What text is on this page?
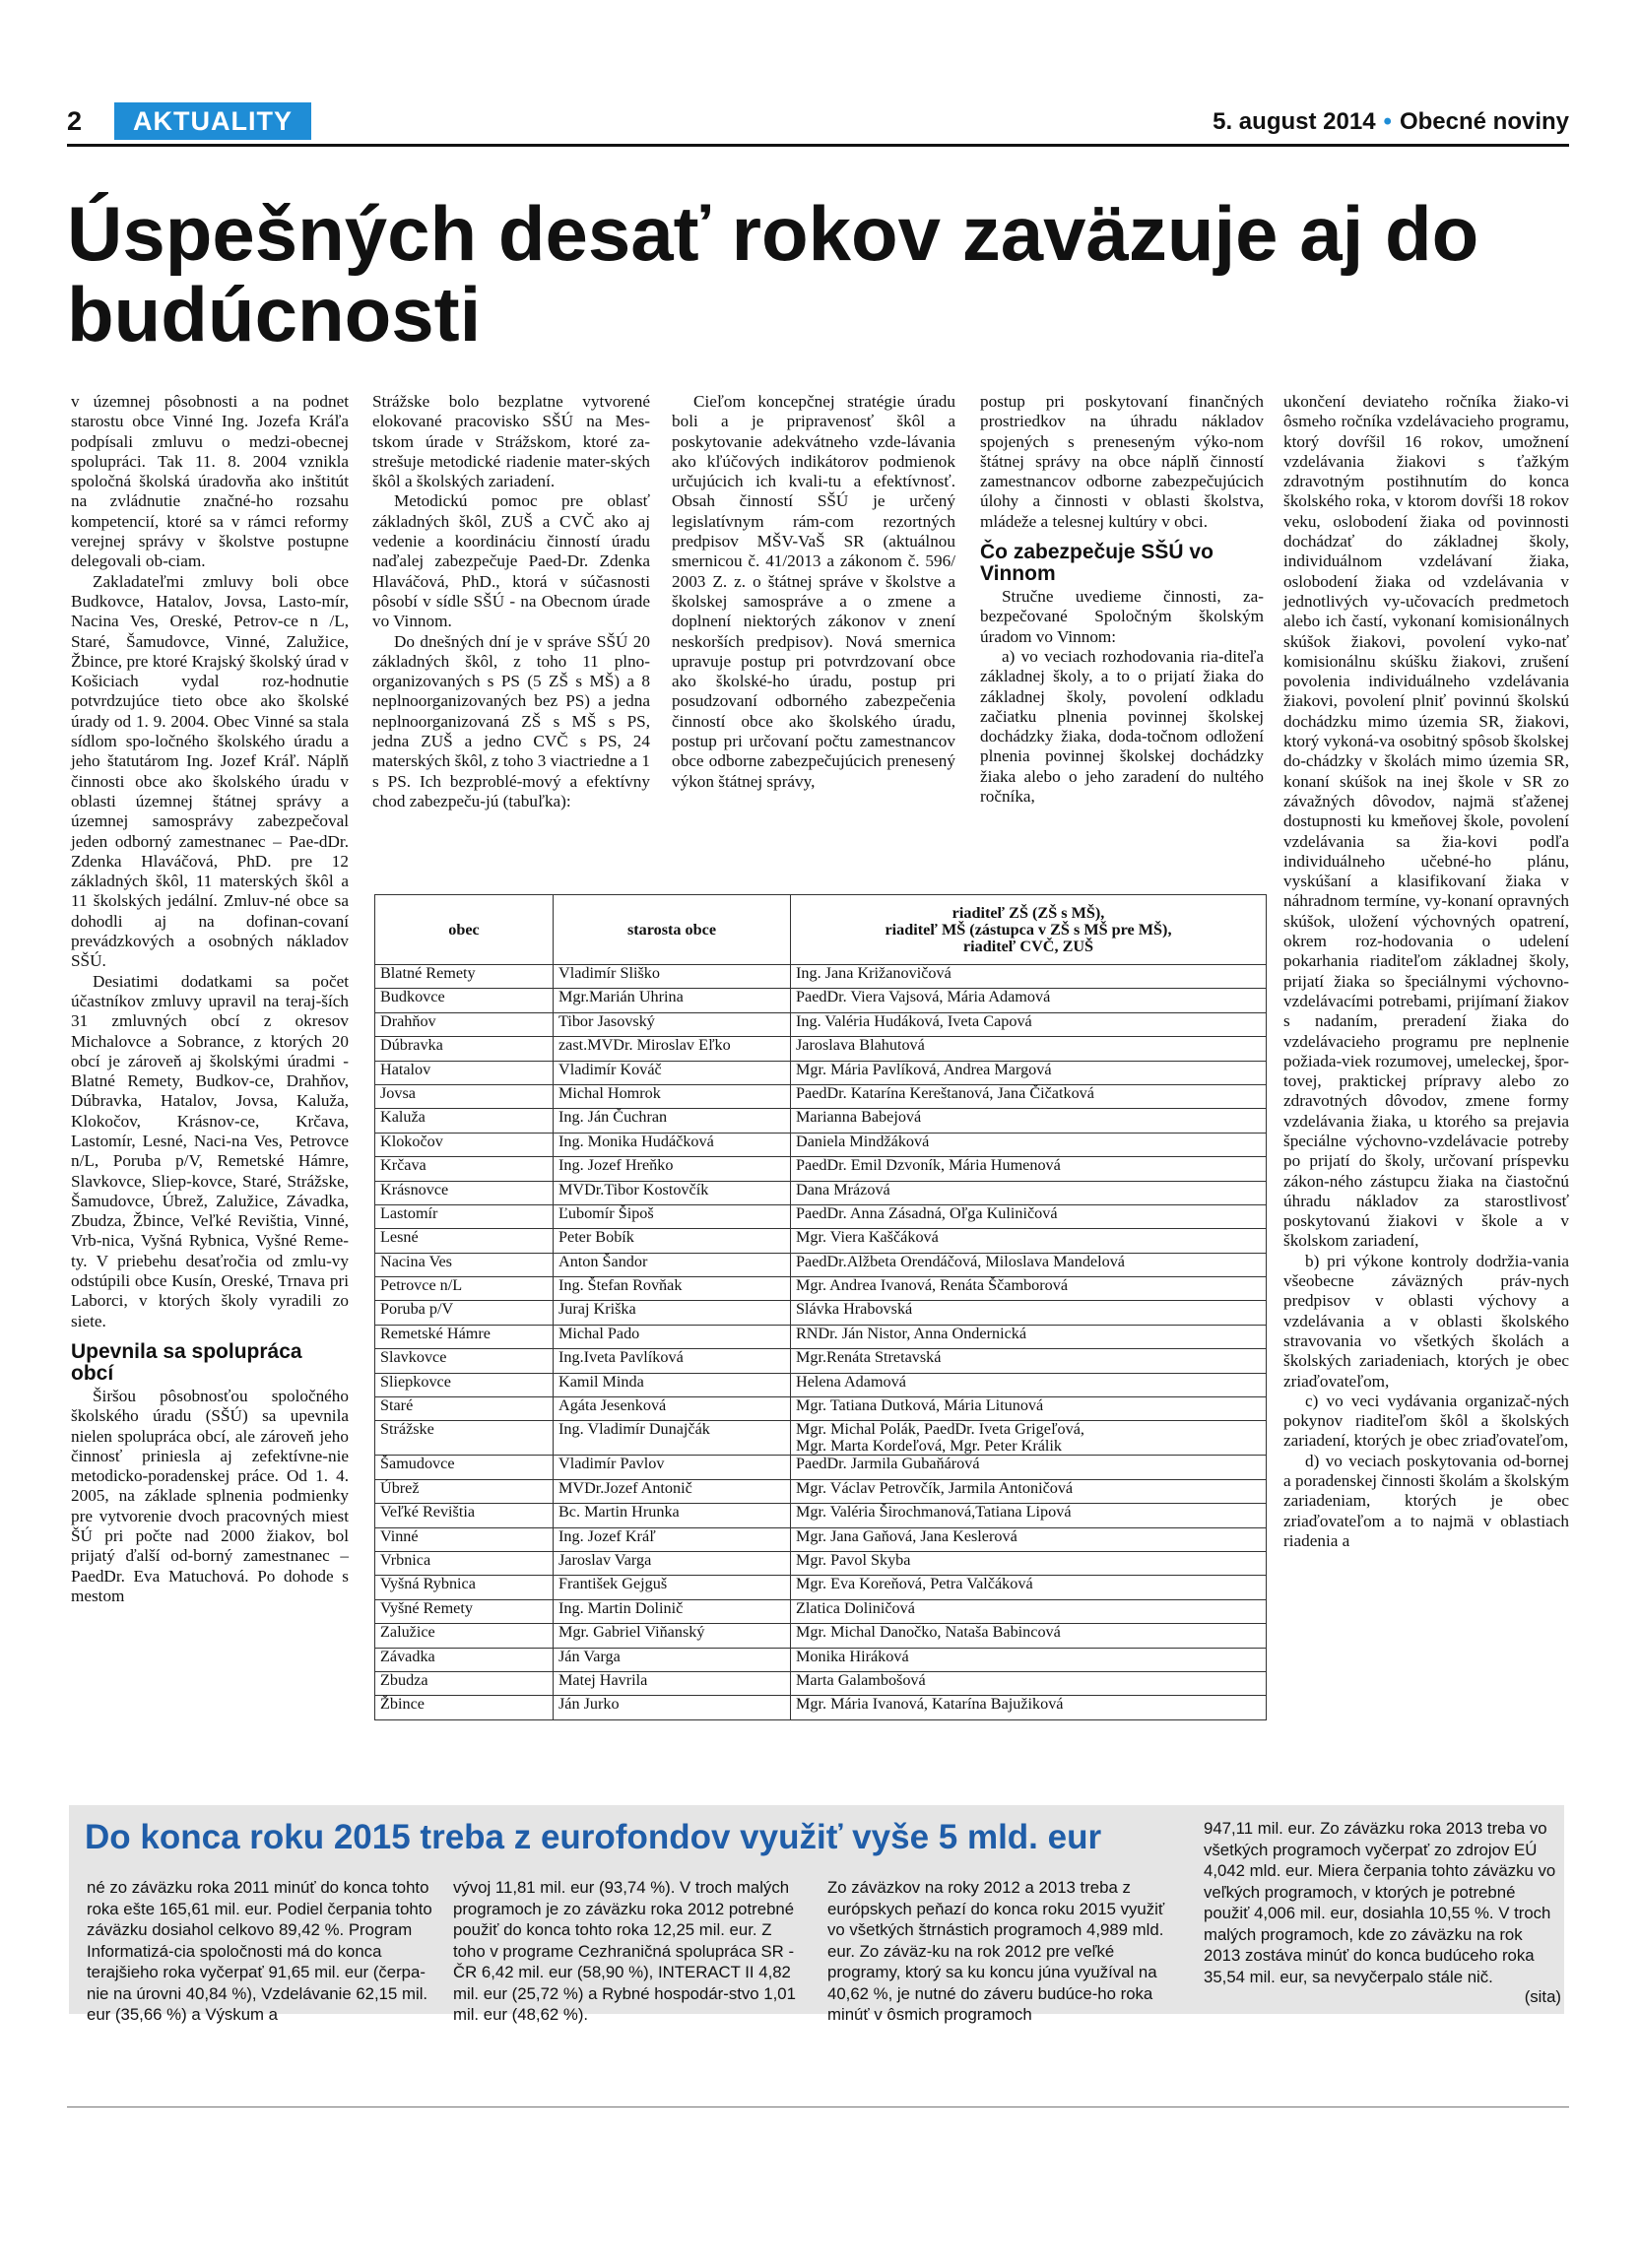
2	AKTUALITY	5. august 2014 • Obecné noviny
Úspešných desať rokov zaväzuje aj do budúcnosti

v územnej pôsobnosti a na podnet starostu obce Vinné Ing. Jozefa Kráľa podpísali zmluvu o medzi-obecnej spolupráci. Tak 11. 8. 2004 vznikla spoločná školská úradovňa ako inštitút na zvládnutie značné-ho rozsahu kompetencií, ktoré sa v rámci reformy verejnej správy v školstve postupne delegovali ob-ciam.

Zakladateľmi zmluvy boli obce Budkovce, Hatalov, Jovsa, Lasto-mír, Nacina Ves, Oreské, Petrov-ce n /L, Staré, Šamudovce, Vinné, Zalužice, Žbince, pre ktoré Krajský školský úrad v Košiciach vydal roz-hodnutie potvrdzujúce tieto obce ako školské úrady od 1. 9. 2004. Obec Vinné sa stala sídlom spo-ločného školského úradu a jeho štatutárom Ing. Jozef Kráľ. Náplň činnosti obce ako školského úradu v oblasti územnej štátnej správy a územnej samosprávy zabezpečoval jeden odborný zamestnanec – Pae-dDr. Zdenka Hlaváčová, PhD. pre 12 základných škôl, 11 materských škôl a 11 školských jedální. Zmluv-né obce sa dohodli aj na dofinan-covaní prevádzkových a osobných nákladov SŠÚ.

Desiatimi dodatkami sa počet účastníkov zmluvy upravil na teraj-ších 31 zmluvných obcí z okresov Michalovce a Sobrance, z ktorých 20 obcí je zároveň aj školskými úradmi - Blatné Remety, Budkov-ce, Drahňov, Dúbravka, Hatalov, Jovsa, Kaluža, Klokočov, Krásnov-ce, Krčava, Lastomír, Lesné, Naci-na Ves, Petrovce n/L, Poruba p/V, Remetské Hámre, Slavkovce, Sliep-kovce, Staré, Strážske, Šamudovce, Úbrež, Zalužice, Závadka, Zbudza, Žbince, Veľké Revištia, Vinné, Vrb-nica, Vyšná Rybnica, Vyšné Reme-ty. V priebehu desaťročia od zmlu-vy odstúpili obce Kusín, Oreské, Trnava pri Laborci, v ktorých školy vyradili zo siete.

Upevnila sa spolupráca obcí

Širšou pôsobnosťou spoločného školského úradu (SŠÚ) sa upevnila nielen spolupráca obcí, ale zároveň jeho činnosť priniesla aj zefektívne-nie metodicko-poradenskej práce. Od 1. 4. 2005, na základe splnenia podmienky pre vytvorenie dvoch pracovných miest ŠÚ pri počte nad 2000 žiakov, bol prijatý ďalší od-borný zamestnanec – PaedDr. Eva Matuchová. Po dohode s mestom

Strážske bolo bezplatne vytvorené elokované pracovisko SŠÚ na Mes-tskom úrade v Strážskom, ktoré za-strešuje metodické riadenie mater-ských škôl a školských zariadení.

Metodickú pomoc pre oblasť základných škôl, ZUŠ a CVČ ako aj vedenie a koordináciu činností úradu naďalej zabezpečuje Paed-Dr. Zdenka Hlaváčová, PhD., ktorá v súčasnosti pôsobí v sídle SŠÚ - na Obecnom úrade vo Vinnom.

Do dnešných dní je v správe SŠÚ 20 základných škôl, z toho 11 plno-organizovaných s PS (5 ZŠ s MŠ) a 8 neplnoorganizovaných bez PS) a jedna neplnoorganizovaná ZŠ s MŠ s PS, jedna ZUŠ a jedno CVČ s PS, 24 materských škôl, z toho 3 viactriedne a 1 s PS. Ich bezproblé-mový a efektívny chod zabezpeču-jú (tabuľka):

Cieľom koncepčnej stratégie úradu boli a je pripravenosť škôl a poskytovanie adekvátneho vzde-lávania ako kľúčových indikátorov podmienok určujúcich ich kvali-tu a efektívnosť. Obsah činností SŠÚ je určený legislatívnym rám-com rezortných predpisov MŠV-VaŠ SR (aktuálnou smernicou č. 41/2013 a zákonom č. 596/ 2003 Z. z. o štátnej správe v školstve a školskej samospráve a o zmene a doplnení niektorých zákonov v znení neskorších predpisov). Nová smernica upravuje postup pri potvrdzovaní obce ako školské-ho úradu, postup pri posudzovaní odborného zabezpečenia činností obce ako školského úradu, postup pri určovaní počtu zamestnancov obce odborne zabezpečujúcich prenesený výkon štátnej správy,

postup pri poskytovaní finančných prostriedkov na úhradu nákladov spojených s preneseným výko-nom štátnej správy na obce náplň činností zamestnancov odborne zabezpečujúcich úlohy a činnosti v oblasti školstva, mládeže a telesnej kultúry v obci.

Čo zabezpečuje SŠÚ vo Vinnom

Stručne uvedieme činnosti, za-bezpečované Spoločným školským úradom vo Vinnom:

a) vo veciach rozhodovania ria-diteľa základnej školy, a to o prijatí žiaka do základnej školy, povolení odkladu začiatku plnenia povinnej školskej dochádzky žiaka, doda-točnom odložení plnenia povinnej školskej dochádzky žiaka alebo o jeho zaradení do nultého ročníka,

ukončení deviateho ročníka žiako-vi ôsmeho ročníka vzdelávacieho programu, ktorý dovŕšil 16 rokov, umožnení vzdelávania žiakovi s ťažkým zdravotným postihnutím do konca školského roka, v ktorom dovŕši 18 rokov veku, oslobodení žiaka od povinnosti dochádzať do základnej školy, individuálnom vzdelávaní žiaka, oslobodení žiaka od vzdelávania v jednotlivých vy-učovacích predmetoch alebo ich častí, vykonaní komisionálnych skúšok žiakovi, povolení vyko-nať komisionálnu skúšku žiakovi, zrušení povolenia individuálneho vzdelávania žiakovi, povolení plniť povinnú školskú dochádzku mimo územia SR, žiakovi, ktorý vykoná-va osobitný spôsob školskej do-chádzky v školách mimo územia SR, konaní skúšok na inej škole v SR zo závažných dôvodov, najmä sťaženej dostupnosti ku kmeňovej škole, povolení vzdelávania sa žia-kovi podľa individuálneho učebné-ho plánu, vyskúšaní a klasifikovaní žiaka v náhradnom termíne, vy-konaní opravných skúšok, uložení výchovných opatrení, okrem roz-hodovania o udelení pokarhania riaditeľom základnej školy, prijatí žiaka so špeciálnymi výchovno-vzdelávacími potrebami, prijímaní žiakov s nadaním, preradení žiaka do vzdelávacieho programu pre neplnenie požiada-viek rozumovej, umeleckej, špor-tovej, praktickej prípravy alebo zo zdravotných dôvodov, zmene formy vzdelávania žiaka, u ktorého sa prejavia špeciálne výchovno-vzdelávacie potreby po prijatí do školy, určovaní príspevku zákon-ného zástupcu žiaka na čiastočnú úhradu nákladov za starostlivosť poskytovanú žiakovi v škole a v školskom zariadení,

b) pri výkone kontroly dodržia-vania všeobecne záväzných práv-nych predpisov v oblasti výchovy a vzdelávania a v oblasti školského stravovania vo všetkých školách a školských zariadeniach, ktorých je obec zriaďovateľom,

c) vo veci vydávania organizač-ných pokynov riaditeľom škôl a školských zariadení, ktorých je obec zriaďovateľom,

d) vo veciach poskytovania od-bornej a poradenskej činnosti školám a školským zariadeniam, ktorých je obec zriaďovateľom a to najmä v oblastiach riadenia a

obec	starosta obce	riaditeľ ZŠ (ZŠ s MŠ),
riaditeľ MŠ (zástupca v ZŠ s MŠ pre MŠ),
riaditeľ CVČ, ZUŠ
Blatné Remety	Vladimír Sliško	Ing. Jana Križanovičová
Budkovce	Mgr.Marián Uhrina	PaedDr. Viera Vajsová, Mária Adamová
Drahňov	Tibor Jasovský	Ing. Valéria Hudáková, Iveta Capová
Dúbravka	zast.MVDr. Miroslav Eľko	Jaroslava Blahutová
Hatalov	Vladimír Kováč	Mgr. Mária Pavlíková, Andrea Margová
Jovsa	Michal Homrok	PaedDr. Katarína Kereštanová, Jana Čičatková
Kaluža	Ing. Ján Čuchran	Marianna Babejová
Klokočov	Ing. Monika Hudáčková	Daniela Mindžáková
Krčava	Ing. Jozef Hreňko	PaedDr. Emil Dzvoník, Mária Humenová
Krásnovce	MVDr.Tibor Kostovčík	Dana Mrázová
Lastomír	Ľubomír Šipoš	PaedDr. Anna Zásadná, Oľga Kuliničová
Lesné	Peter Bobík	Mgr. Viera Kaščáková
Nacina Ves	Anton Šandor	PaedDr.Alžbeta Orendáčová, Miloslava Mandelová
Petrovce n/L	Ing. Štefan Rovňak	Mgr. Andrea Ivanová, Renáta Ščamborová
Poruba p/V	Juraj Kriška	Slávka Hrabovská
Remetské Hámre	Michal Pado	RNDr. Ján Nistor, Anna Ondernická
Slavkovce	Ing.Iveta Pavlíková	Mgr.Renáta Stretavská
Sliepkovce	Kamil Minda	Helena Adamová
Staré	Agáta Jesenková	Mgr. Tatiana Dutková, Mária Litunová
Strážske	Ing. Vladimír Dunajčák	Mgr. Michal Polák, PaedDr. Iveta Grigeľová,
Mgr. Marta Kordeľová, Mgr. Peter Králik
Šamudovce	Vladimír Pavlov	PaedDr. Jarmila Gubaňárová
Úbrež	MVDr.Jozef Antonič	Mgr. Václav Petrovčík, Jarmila Antoničová
Veľké Revištia	Bc. Martin Hrunka	Mgr. Valéria Širochmanová,Tatiana Lipová
Vinné	Ing. Jozef Kráľ	Mgr. Jana Gaňová, Jana Keslerová
Vrbnica	Jaroslav Varga	Mgr. Pavol Skyba
Vyšná Rybnica	František Gejguš	Mgr. Eva Koreňová, Petra Valčáková
Vyšné Remety	Ing. Martin Dolinič	Zlatica Doliničová
Zalužice	Mgr. Gabriel Viňanský	Mgr. Michal Danočko, Nataša Babincová
Závadka	Ján Varga	Monika Hiráková
Zbudza	Matej Havrila	Marta Galambošová
Žbince	Ján Jurko	Mgr. Mária Ivanová, Katarína Bajužiková
Do konca roku 2015 treba z eurofondov využiť vyše 5 mld. eur
né zo záväzku roka 2011 minúť do konca tohto roka ešte 165,61 mil. eur. Podiel čerpania tohto záväzku dosiahol celkovo 89,42 %. Program Informatizá-cia spoločnosti má do konca terajšieho roka vyčerpať 91,65 mil. eur (čerpa-nie na úrovni 40,84 %), Vzdelávanie 62,15 mil. eur (35,66 %) a Výskum a
vývoj 11,81 mil. eur (93,74 %). V troch malých programoch je zo záväzku roka 2012 potrebné použiť do konca tohto roka 12,25 mil. eur. Z toho v programe Cezhraničná spolupráca SR - ČR 6,42 mil. eur (58,90 %), INTERACT II 4,82 mil. eur (25,72 %) a Rybné hospodár-stvo 1,01 mil. eur (48,62 %).
Zo záväzkov na roky 2012 a 2013 treba z európskych peňazí do konca roku 2015 využiť vo všetkých štrnástich programoch 4,989 mld. eur. Zo záväz-ku na rok 2012 pre veľké programy, ktorý sa ku koncu júna využíval na 40,62 %, je nutné do záveru budúce-ho roka minúť v ôsmich programoch
947,11 mil. eur. Zo záväzku roka 2013 treba vo všetkých programoch vyčerpať zo zdrojov EÚ 4,042 mld. eur. Miera čerpania tohto záväzku vo veľkých programoch, v ktorých je potrebné použiť 4,006 mil. eur, dosiahla 10,55 %. V troch malých programoch, kde zo záväzku na rok 2013 zostáva minúť do konca budúceho roka 35,54 mil. eur, sa nevyčerpalo stále nič.
(sita)
